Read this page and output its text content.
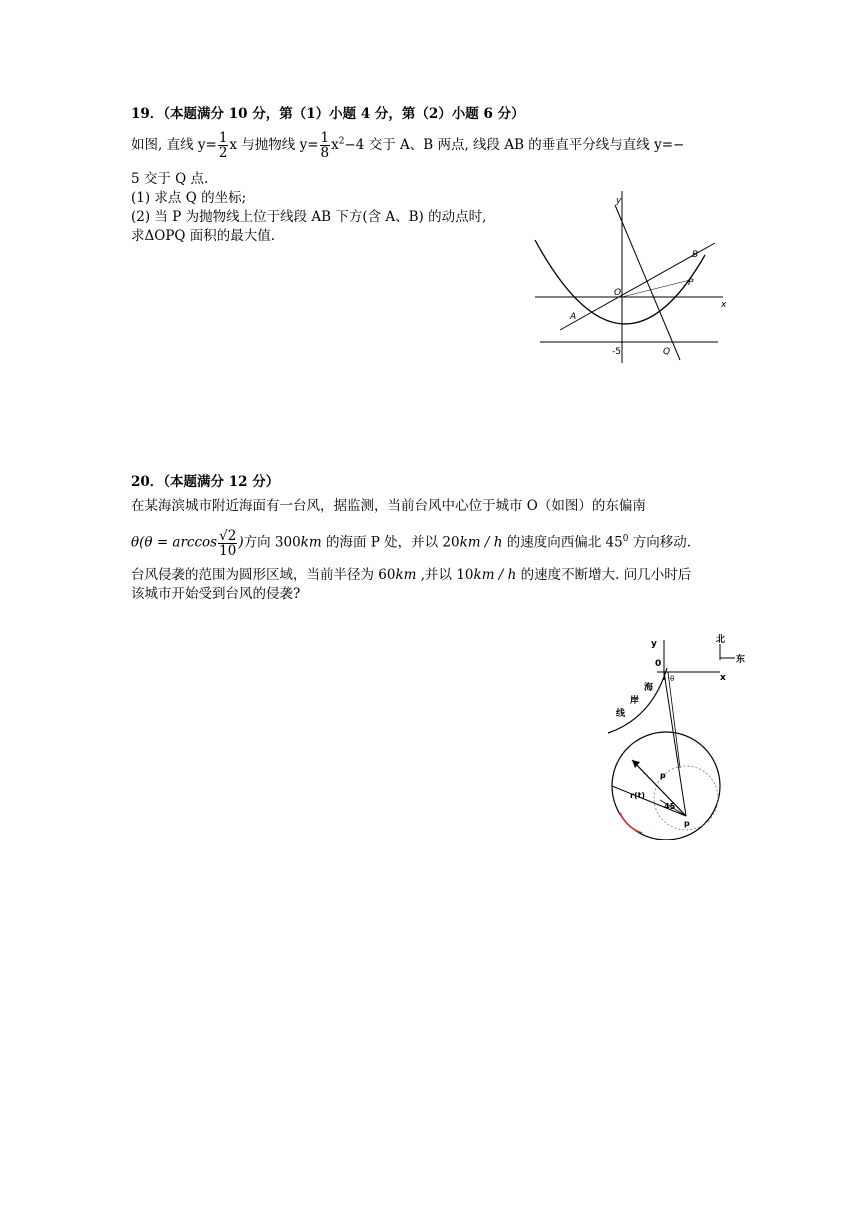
19．（本题满分 10 分，第（1）小题 4 分，第（2）小题 6 分）
如图, 直线 $y= \frac{1}{2}$ x 与抛物线 $y= \frac{1}{8} x^2-4$ 交于 A、B 两点, 线段 AB 的垂直平分线与直线 y=−
5 交于 Q 点.
(1) 求点 Q 的坐标;
(2) 当 P 为抛物线上位于线段 AB 下方(含 A、B) 的动点时,
求ΔOPQ 面积的最大值.
y
x
O
A
B
P
Q
-5
20．（本题满分 12 分）
在某海滨城市附近海面有一台风，据监测，当前台风中心位于城市 O（如图）的东偏南
$\theta(\theta = \arccos \frac{√2}{10}$ )方向 300km 的海面 P 处，并以 20km / h 的速度向西偏北 $45^0$ 方向移动.
台风侵袭的范围为圆形区域，当前半径为 60km ,并以 10km / h 的速度不断增大. 问几小时后
该城市开始受到台风的侵袭?
北
东
y
x
0
θ
海
岸
线
p
r(t)
45
p
